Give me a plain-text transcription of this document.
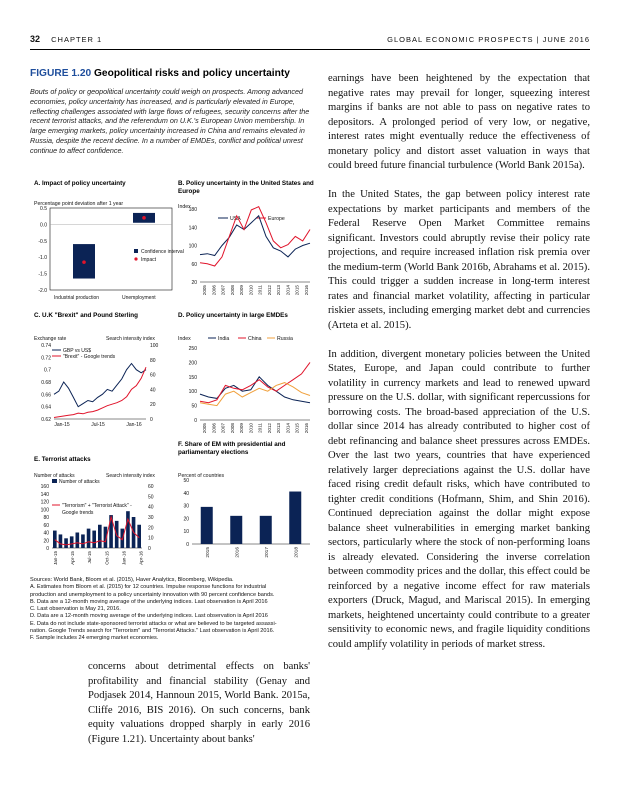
32 CHAPTER 1	GLOBAL ECONOMIC PROSPECTS | JUNE 2016
FIGURE 1.20 Geopolitical risks and policy uncertainty
Bouts of policy or geopolitical uncertainty could weigh on prospects. Among advanced economies, policy uncertainty has increased, and is particularly elevated in Europe, reflecting challenges associated with large flows of refugees, security concerns after the recent terrorist attacks, and the referendum on U.K.'s European Union membership. In large emerging markets, policy uncertainty increased in China and remains elevated in Russia, despite the recent decline. In a number of EMDEs, conflict and political unrest continue to affect confidence.
A. Impact of policy uncertainty
Percentage point deviation after 1 year
Confidence interval
Impact
Industrial production	Unemployment
0.5
0.0
-0.5
-1.0
-1.5
-2.0
B. Policy uncertainty in the United States and Europe
Index
USA	Europe
180
140
100
60
20
2005 2006 2007 2008 2009 2010 2011 2012 2013 2014 2015 2016
C. U.K "Brexit" and Pound Sterling
Exchange rate	Search intensity index
GBP vs US$
"Brexit" - Google trends
0.74
0.72
0.7
0.68
0.66
0.64
0.62
100
80
60
40
20
0
Jan-15	Jul-15	Jan-16
D. Policy uncertainty in large EMDEs
Index	India	China	Russia
250
200
150
100
50
0
2005 2006 2007 2008 2009 2010 2011 2012 2013 2014 2015 2016
E. Terrorist attacks
Number of attacks	Search intensity index
Number of attacks
"Terrorism" + "Terrorist Attack" -
Google trends
160
140
120
100
80
60
40
20
0
60
50
40
30
20
10
0
Jan-15	Apr-15	Jul-15	Oct-15	Jan-16	Apr-16
F. Share of EM with presidential and parliamentary elections
Percent of countries
50
40
30
20
10
0
2015	2016	2017	2018
Sources: World Bank, Bloom et al. (2015), Haver Analytics, Bloomberg, Wikipedia.
A. Estimates from Bloom et al. (2015) for 12 countries. Impulse response functions for industrial
production and unemployment to a policy uncertainty innovation with 90 percent confidence bands.
B. Data are a 12-month moving average of the underlying indices. Last observation is April 2016
C. Last observation is May 21, 2016.
D. Data are a 12-month moving average of the underlying indices. Last observation is April 2016
E. Data do not include state-sponsored terrorist attacks or what are believed to be targeted assassi-
nation. Google Trends search for "Terrorism" and "Terrorist Attacks." Last observation is April 2016.
F. Sample includes 24 emerging market economies.
concerns about detrimental effects on banks' profitability and financial stability (Genay and Podjasek 2014, Hannoun 2015, World Bank. 2015a, Cliffe 2016, BIS 2016). On such concerns, bank equity valuations dropped sharply in early 2016 (Figure 1.21). Uncertainty about banks'

earnings have been heightened by the expectation that negative rates may prevail for longer, squeezing interest margins if banks are not able to pass on negative rates to depositors. A prolonged period of very low, or negative, interest rates might eventually reduce the effectiveness of monetary policy and distort asset valuation in ways that could breed future financial turbulence (World Bank 2015a).

In the United States, the gap between policy interest rate expectations by market participants and members of the Federal Reserve Open Market Committee remains significant. Investors could abruptly revise their policy rate projections, and require increased inflation risk premia over the medium-term (World Bank 2016b, Abrahams et al. 2015). This could trigger a sudden increase in long-term interest rates and financial market volatility, affecting in particular riskier assets, including emerging market debt and currencies (Arteta et al. 2015).

In addition, divergent monetary policies between the United States, Europe, and Japan could contribute to further volatility in currency markets and lead to renewed upward pressure on the U.S. dollar, with significant repercussions for borrowing costs. The broad-based appreciation of the U.S. dollar since 2014 has already contributed to higher cost of debt refinancing and balance sheet pressures across EMDEs. Over the last two years, countries that have experienced relatively larger depreciations against the U.S. dollar have faced rising credit default risks, which have contributed to tighter credit conditions (Hofmann, Shim, and Shin 2016). Continued depreciation against the dollar might expose balance sheet vulnerabilities in emerging market banking sectors, particularly where the stock of non-performing loans is already elevated. Considering the inverse correlation between commodity prices and the dollar, this effect could be reinforced by a negative income effect for raw materials exporters (Druck, Magud, and Mariscal 2015). In emerging markets, heightened uncertainty could contribute to a greater sensitivity to economic news, and fragile liquidity conditions could amplify volatility in periods of market stress.
